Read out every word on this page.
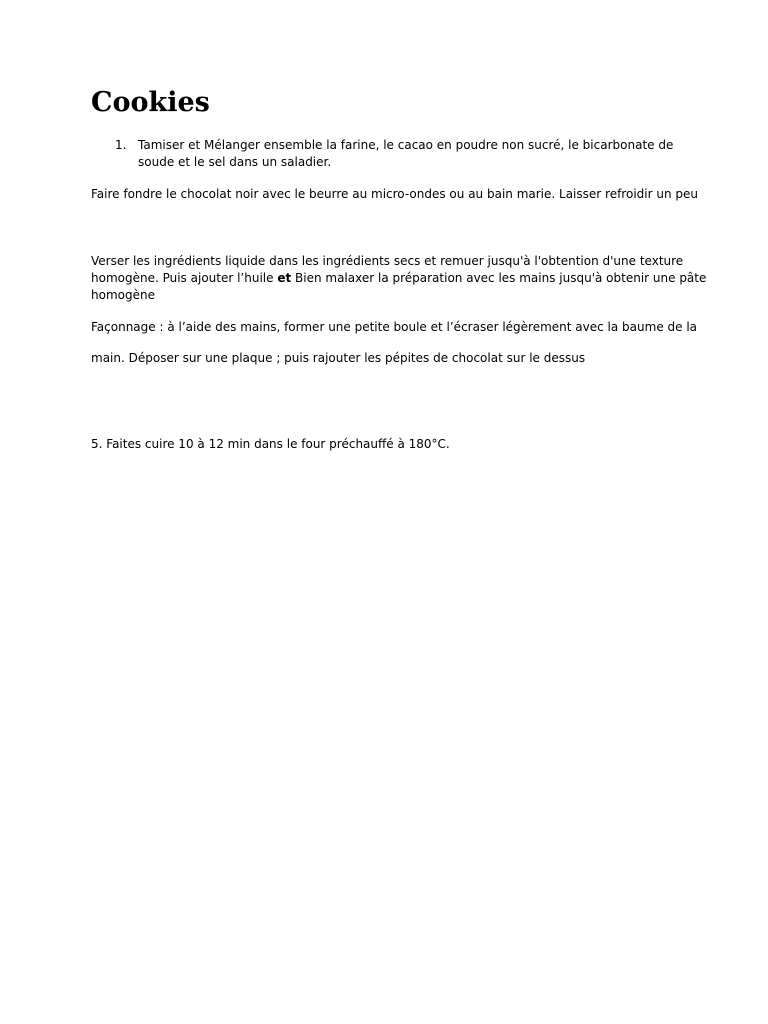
Cookies
1. Tamiser et Mélanger ensemble la farine, le cacao en poudre non sucré, le bicarbonate de
soude et le sel dans un saladier.

Faire fondre le chocolat noir avec le beurre au micro-ondes ou au bain marie. Laisser refroidir un peu

Verser les ingrédients liquide dans les ingrédients secs et remuer jusqu'à l'obtention d'une texture
homogène. Puis ajouter l’huile et Bien malaxer la préparation avec les mains jusqu'à obtenir une pâte
homogène

Façonnage : à l’aide des mains, former une petite boule et l’écraser légèrement avec la baume de la

main. Déposer sur une plaque ; puis rajouter les pépites de chocolat sur le dessus

5. Faites cuire 10 à 12 min dans le four préchauffé à 180°C.
